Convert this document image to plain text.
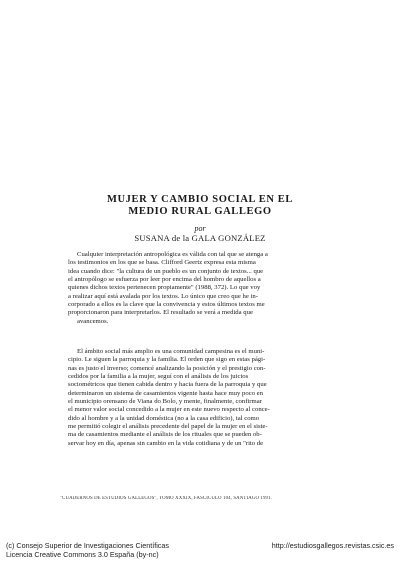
MUJER Y CAMBIO SOCIAL EN EL
MEDIO RURAL GALLEGO
por
SUSANA de la GALA GONZÁLEZ
Cualquier interpretación antropológica es válida con tal que se atenga a
los testimonios en los que se basa. Clifford Geertz expresa esta misma
idea cuando dice: "la cultura de un pueblo es un conjunto de textos... que
el antropólogo se esfuerza por leer por encima del hombro de aquellos a
quienes dichos textos pertenecen propiamente" (1988, 372). Lo que voy
a realizar aquí está avalada por los textos. Lo único que creo que he in-
corporado a ellos es la clave que la convivencia y estos últimos textos me
proporcionaron para interpretarlos. El resultado se verá a medida que
avancemos.
El ámbito social más amplio es una comunidad campesina es el muni-
cipio. Le siguen la parroquia y la familia. El orden que sigo en estas pági-
nas es justo el inverso; comencé analizando la posición y el prestigio con-
cedidos por la familia a la mujer, seguí con el análisis de los juicios
sociométricos que tienen cabida dentro y hacia fuera de la parroquia y que
determinaron un sistema de casamientos vigente hasta hace muy poco en
el municipio orensano de Viana do Bolo, y mente, finalmente, confirmar
el menor valor social concedido a la mujer en este nuevo respecto al conce-
dido al hombre y a la unidad doméstica (no a la casa edificio), tal como
me permitió colegir el análisis precedente del papel de la mujer en el siste-
ma de casamientos mediante el análisis de los rituales que se pueden ob-
servar hoy en día, apenas sin cambio en la vida cotidiana y de un "rito de
"CUADERNOS DE ESTUDIOS GALLEGOS", TOMO XXXIX, FASCÍCULO 104, SANTIAGO 1991.
(c) Consejo Superior de Investigaciones Científicas
Licencia Creative Commons 3.0 España (by-nc)
http://estudiosgallegos.revistas.csic.es
